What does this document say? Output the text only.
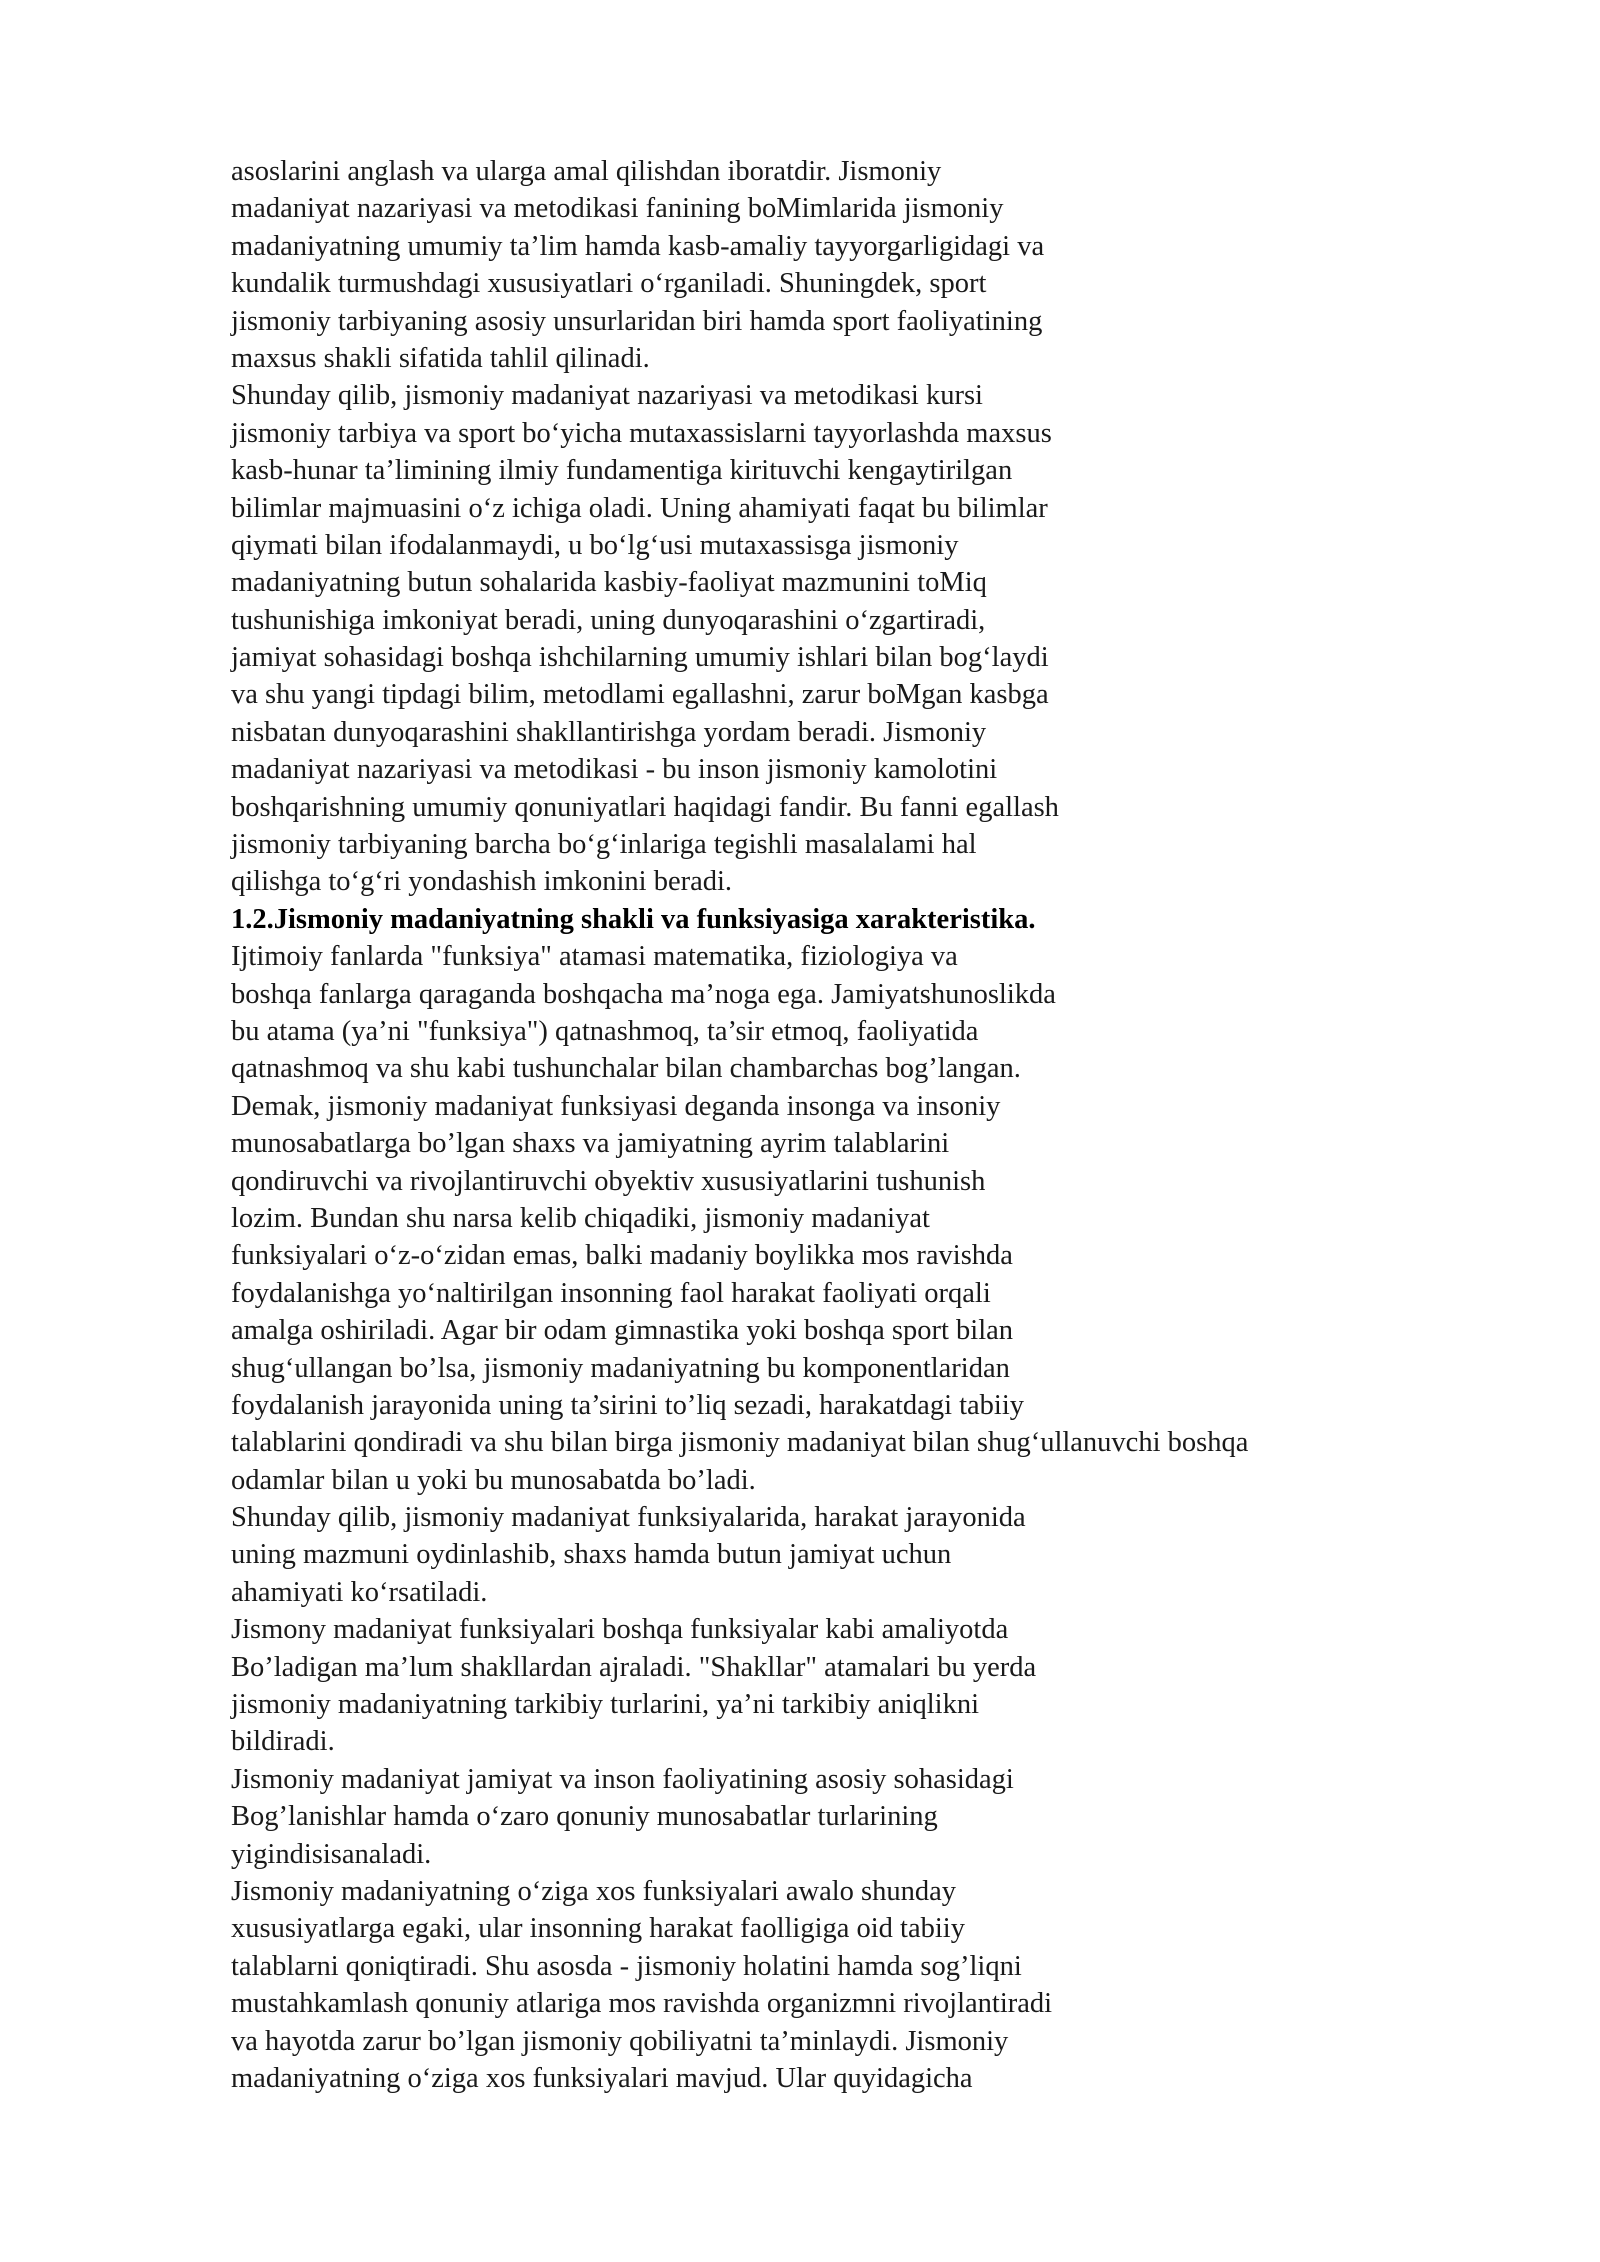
asoslarini anglash va ularga amal qilishdan iboratdir. Jismoniy
madaniyat nazariyasi va metodikasi fanining boMimlarida jismoniy
madaniyatning umumiy ta’lim hamda kasb-amaliy tayyorgarligidagi va
kundalik turmushdagi xususiyatlari o‘rganiladi. Shuningdek, sport
jismoniy tarbiyaning asosiy unsurlaridan biri hamda sport faoliyatining
maxsus shakli sifatida tahlil qilinadi.
Shunday qilib, jismoniy madaniyat nazariyasi va metodikasi kursi
jismoniy tarbiya va sport bo‘yicha mutaxassislarni tayyorlashda maxsus
kasb-hunar ta’limining ilmiy fundamentiga kirituvchi kengaytirilgan
bilimlar majmuasini o‘z ichiga oladi. Uning ahamiyati faqat bu bilimlar
qiymati bilan ifodalanmaydi, u bo‘lg‘usi mutaxassisga jismoniy
madaniyatning butun sohalarida kasbiy-faoliyat mazmunini toMiq
tushunishiga imkoniyat beradi, uning dunyoqarashini o‘zgartiradi,
jamiyat sohasidagi boshqa ishchilarning umumiy ishlari bilan bog‘laydi
va shu yangi tipdagi bilim, metodlami egallashni, zarur boMgan kasbga
nisbatan dunyoqarashini shakllantirishga yordam beradi. Jismoniy
madaniyat nazariyasi va metodikasi - bu inson jismoniy kamolotini
boshqarishning umumiy qonuniyatlari haqidagi fandir. Bu fanni egallash
jismoniy tarbiyaning barcha bo‘g‘inlariga tegishli masalalami hal
qilishga to‘g‘ri yondashish imkonini beradi.
1.2.Jismoniy madaniyatning shakli va funksiyasiga xarakteristika.
Ijtimoiy fanlarda "funksiya" atamasi matematika, fiziologiya va
boshqa fanlarga qaraganda boshqacha ma’noga ega. Jamiyatshunoslikda
bu atama (ya’ni "funksiya") qatnashmoq, ta’sir etmoq, faoliyatida
qatnashmoq va shu kabi tushunchalar bilan chambarchas bog’langan.
Demak, jismoniy madaniyat funksiyasi deganda insonga va insoniy
munosabatlarga bo’lgan shaxs va jamiyatning ayrim talablarini
qondiruvchi va rivojlantiruvchi obyektiv xususiyatlarini tushunish
lozim. Bundan shu narsa kelib chiqadiki, jismoniy madaniyat
funksiyalari o‘z-o‘zidan emas, balki madaniy boylikka mos ravishda
foydalanishga yo‘naltirilgan insonning faol harakat faoliyati orqali
amalga oshiriladi. Agar bir odam gimnastika yoki boshqa sport bilan
shug‘ullangan bo’lsa, jismoniy madaniyatning bu komponentlaridan
foydalanish jarayonida uning ta’sirini to’liq sezadi, harakatdagi tabiiy
talablarini qondiradi va shu bilan birga jismoniy madaniyat bilan shug‘ullanuvchi boshqa
odamlar bilan u yoki bu munosabatda bo’ladi.
Shunday qilib, jismoniy madaniyat funksiyalarida, harakat jarayonida
uning mazmuni oydinlashib, shaxs hamda butun jamiyat uchun
ahamiyati ko‘rsatiladi.
Jismony madaniyat funksiyalari boshqa funksiyalar kabi amaliyotda
Bo’ladigan ma’lum shakllardan ajraladi. "Shakllar" atamalari bu yerda
jismoniy madaniyatning tarkibiy turlarini, ya’ni tarkibiy aniqlikni
bildiradi.
Jismoniy madaniyat jamiyat va inson faoliyatining asosiy sohasidagi
Bog’lanishlar hamda o‘zaro qonuniy munosabatlar turlarining
yigindisisanaladi.
Jismoniy madaniyatning o‘ziga xos funksiyalari awalo shunday
xususiyatlarga egaki, ular insonning harakat faolligiga oid tabiiy
talablarni qoniqtiradi. Shu asosda - jismoniy holatini hamda sog’liqni
mustahkamlash qonuniy atlariga mos ravishda organizmni rivojlantiradi
va hayotda zarur bo’lgan jismoniy qobiliyatni ta’minlaydi. Jismoniy
madaniyatning o‘ziga xos funksiyalari mavjud. Ular quyidagicha
